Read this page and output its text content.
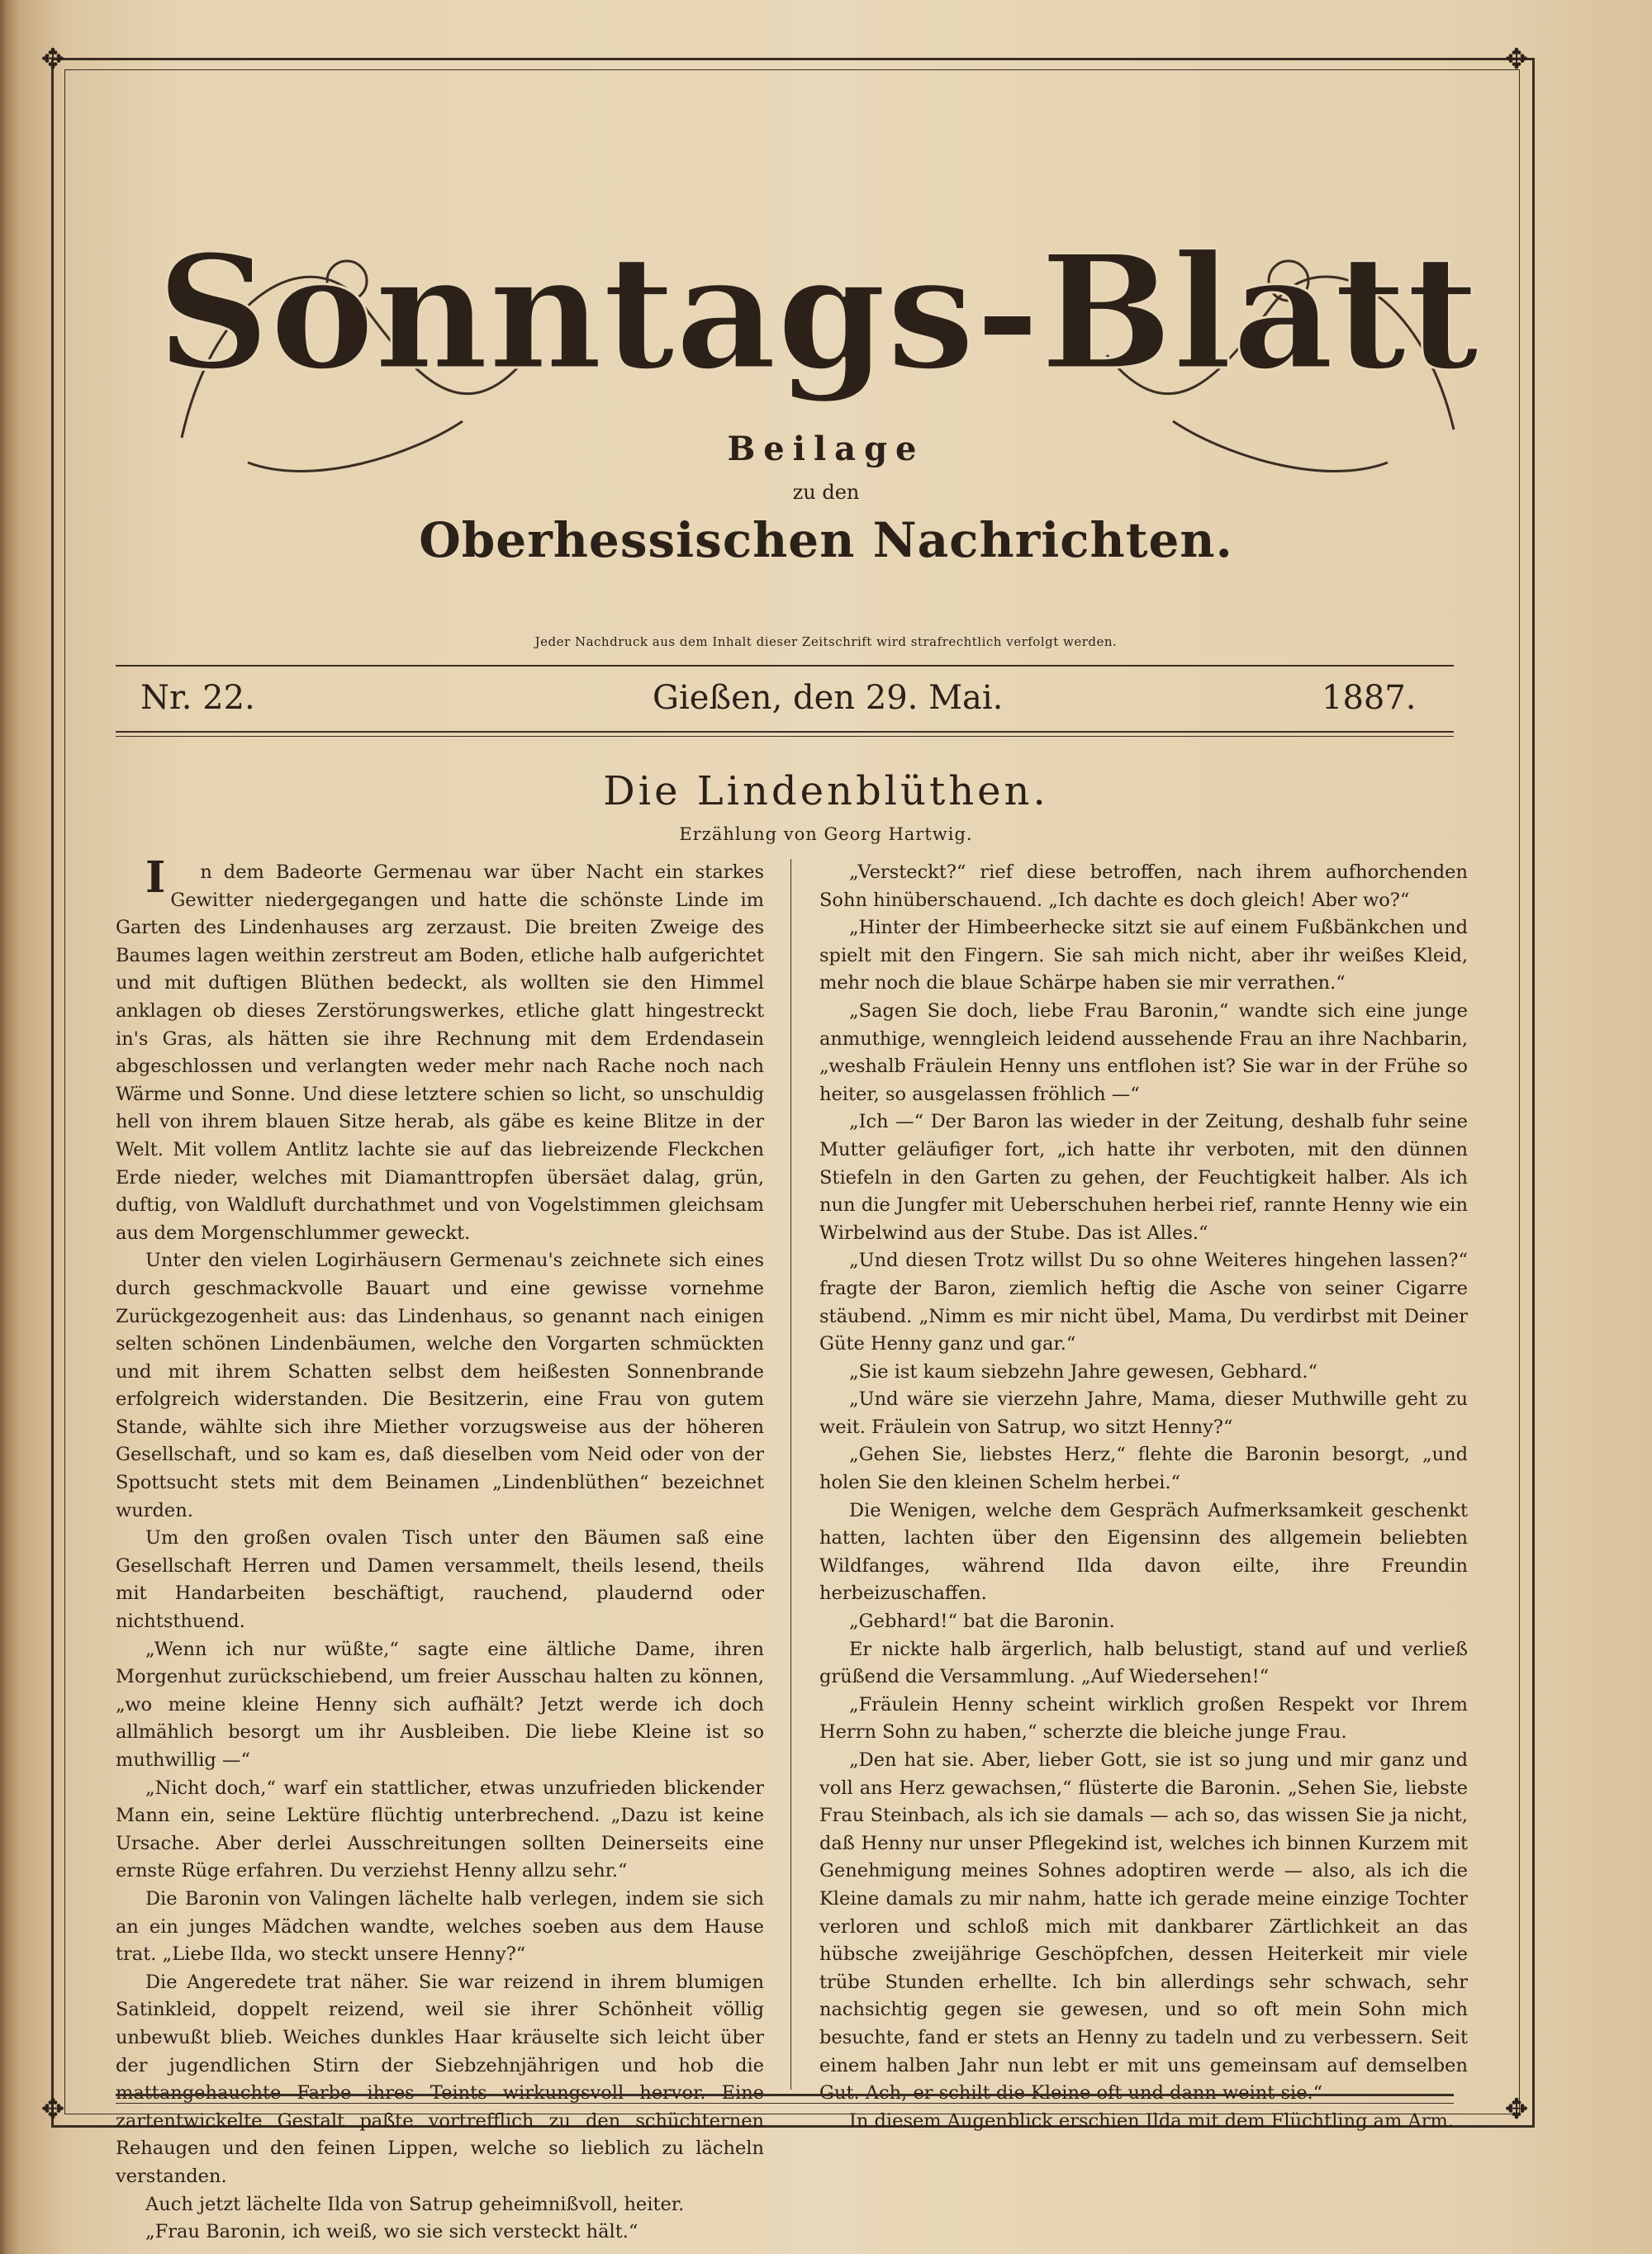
✥	✥
✥	✥
Sonntags-Blatt
Beilage
zu den
Oberhessischen Nachrichten.
Jeder Nachdruck aus dem Inhalt dieser Zeitschrift wird strafrechtlich verfolgt werden.
Nr. 22.	Gießen, den 29. Mai.	1887.
Die Lindenblüthen.
Erzählung von Georg Hartwig.

In dem Badeorte Germenau war über Nacht ein starkes Gewitter niedergegangen und hatte die schönste Linde im Garten des Lindenhauses arg zerzaust. Die breiten Zweige des Baumes lagen weithin zerstreut am Boden, etliche halb aufgerichtet und mit duftigen Blüthen bedeckt, als wollten sie den Himmel anklagen ob dieses Zerstörungswerkes, etliche glatt hingestreckt in's Gras, als hätten sie ihre Rechnung mit dem Erdendasein abgeschlossen und verlangten weder mehr nach Rache noch nach Wärme und Sonne. Und diese letztere schien so licht, so unschuldig hell von ihrem blauen Sitze herab, als gäbe es keine Blitze in der Welt. Mit vollem Antlitz lachte sie auf das liebreizende Fleckchen Erde nieder, welches mit Diamanttropfen übersäet dalag, grün, duftig, von Waldluft durchathmet und von Vogelstimmen gleichsam aus dem Morgenschlummer geweckt.

Unter den vielen Logirhäusern Germenau's zeichnete sich eines durch geschmackvolle Bauart und eine gewisse vornehme Zurückgezogenheit aus: das Lindenhaus, so genannt nach einigen selten schönen Lindenbäumen, welche den Vorgarten schmückten und mit ihrem Schatten selbst dem heißesten Sonnenbrande erfolgreich widerstanden. Die Besitzerin, eine Frau von gutem Stande, wählte sich ihre Miether vorzugsweise aus der höheren Gesellschaft, und so kam es, daß dieselben vom Neid oder von der Spottsucht stets mit dem Beinamen „Lindenblüthen“ bezeichnet wurden.

Um den großen ovalen Tisch unter den Bäumen saß eine Gesellschaft Herren und Damen versammelt, theils lesend, theils mit Handarbeiten beschäftigt, rauchend, plaudernd oder nichtsthuend.

„Wenn ich nur wüßte,“ sagte eine ältliche Dame, ihren Morgenhut zurückschiebend, um freier Ausschau halten zu können, „wo meine kleine Henny sich aufhält? Jetzt werde ich doch allmählich besorgt um ihr Ausbleiben. Die liebe Kleine ist so muthwillig —“

„Nicht doch,“ warf ein stattlicher, etwas unzufrieden blickender Mann ein, seine Lektüre flüchtig unterbrechend. „Dazu ist keine Ursache. Aber derlei Ausschreitungen sollten Deinerseits eine ernste Rüge erfahren. Du verziehst Henny allzu sehr.“

Die Baronin von Valingen lächelte halb verlegen, indem sie sich an ein junges Mädchen wandte, welches soeben aus dem Hause trat. „Liebe Ilda, wo steckt unsere Henny?“

Die Angeredete trat näher. Sie war reizend in ihrem blumigen Satinkleid, doppelt reizend, weil sie ihrer Schönheit völlig unbewußt blieb. Weiches dunkles Haar kräuselte sich leicht über der jugendlichen Stirn der Siebzehnjährigen und hob die mattangehauchte Farbe ihres Teints wirkungsvoll hervor. Eine zartentwickelte Gestalt paßte vortrefflich zu den schüchternen Rehaugen und den feinen Lippen, welche so lieblich zu lächeln verstanden.

Auch jetzt lächelte Ilda von Satrup geheimnißvoll, heiter.

„Frau Baronin, ich weiß, wo sie sich versteckt hält.“

„Versteckt?“ rief diese betroffen, nach ihrem aufhorchenden Sohn hinüberschauend. „Ich dachte es doch gleich! Aber wo?“

„Hinter der Himbeerhecke sitzt sie auf einem Fußbänkchen und spielt mit den Fingern. Sie sah mich nicht, aber ihr weißes Kleid, mehr noch die blaue Schärpe haben sie mir verrathen.“

„Sagen Sie doch, liebe Frau Baronin,“ wandte sich eine junge anmuthige, wenngleich leidend aussehende Frau an ihre Nachbarin, „weshalb Fräulein Henny uns entflohen ist? Sie war in der Frühe so heiter, so ausgelassen fröhlich —“

„Ich —“ Der Baron las wieder in der Zeitung, deshalb fuhr seine Mutter geläufiger fort, „ich hatte ihr verboten, mit den dünnen Stiefeln in den Garten zu gehen, der Feuchtigkeit halber. Als ich nun die Jungfer mit Ueberschuhen herbei rief, rannte Henny wie ein Wirbelwind aus der Stube. Das ist Alles.“

„Und diesen Trotz willst Du so ohne Weiteres hingehen lassen?“ fragte der Baron, ziemlich heftig die Asche von seiner Cigarre stäubend. „Nimm es mir nicht übel, Mama, Du verdirbst mit Deiner Güte Henny ganz und gar.“

„Sie ist kaum siebzehn Jahre gewesen, Gebhard.“

„Und wäre sie vierzehn Jahre, Mama, dieser Muthwille geht zu weit. Fräulein von Satrup, wo sitzt Henny?“

„Gehen Sie, liebstes Herz,“ flehte die Baronin besorgt, „und holen Sie den kleinen Schelm herbei.“

Die Wenigen, welche dem Gespräch Aufmerksamkeit geschenkt hatten, lachten über den Eigensinn des allgemein beliebten Wildfanges, während Ilda davon eilte, ihre Freundin herbeizuschaffen.

„Gebhard!“ bat die Baronin.

Er nickte halb ärgerlich, halb belustigt, stand auf und verließ grüßend die Versammlung. „Auf Wiedersehen!“

„Fräulein Henny scheint wirklich großen Respekt vor Ihrem Herrn Sohn zu haben,“ scherzte die bleiche junge Frau.

„Den hat sie. Aber, lieber Gott, sie ist so jung und mir ganz und voll ans Herz gewachsen,“ flüsterte die Baronin. „Sehen Sie, liebste Frau Steinbach, als ich sie damals — ach so, das wissen Sie ja nicht, daß Henny nur unser Pflegekind ist, welches ich binnen Kurzem mit Genehmigung meines Sohnes adoptiren werde — also, als ich die Kleine damals zu mir nahm, hatte ich gerade meine einzige Tochter verloren und schloß mich mit dankbarer Zärtlichkeit an das hübsche zweijährige Geschöpfchen, dessen Heiterkeit mir viele trübe Stunden erhellte. Ich bin allerdings sehr schwach, sehr nachsichtig gegen sie gewesen, und so oft mein Sohn mich besuchte, fand er stets an Henny zu tadeln und zu verbessern. Seit einem halben Jahr nun lebt er mit uns gemeinsam auf demselben Gut. Ach, er schilt die Kleine oft und dann weint sie.“

In diesem Augenblick erschien Ilda mit dem Flüchtling am Arm.
